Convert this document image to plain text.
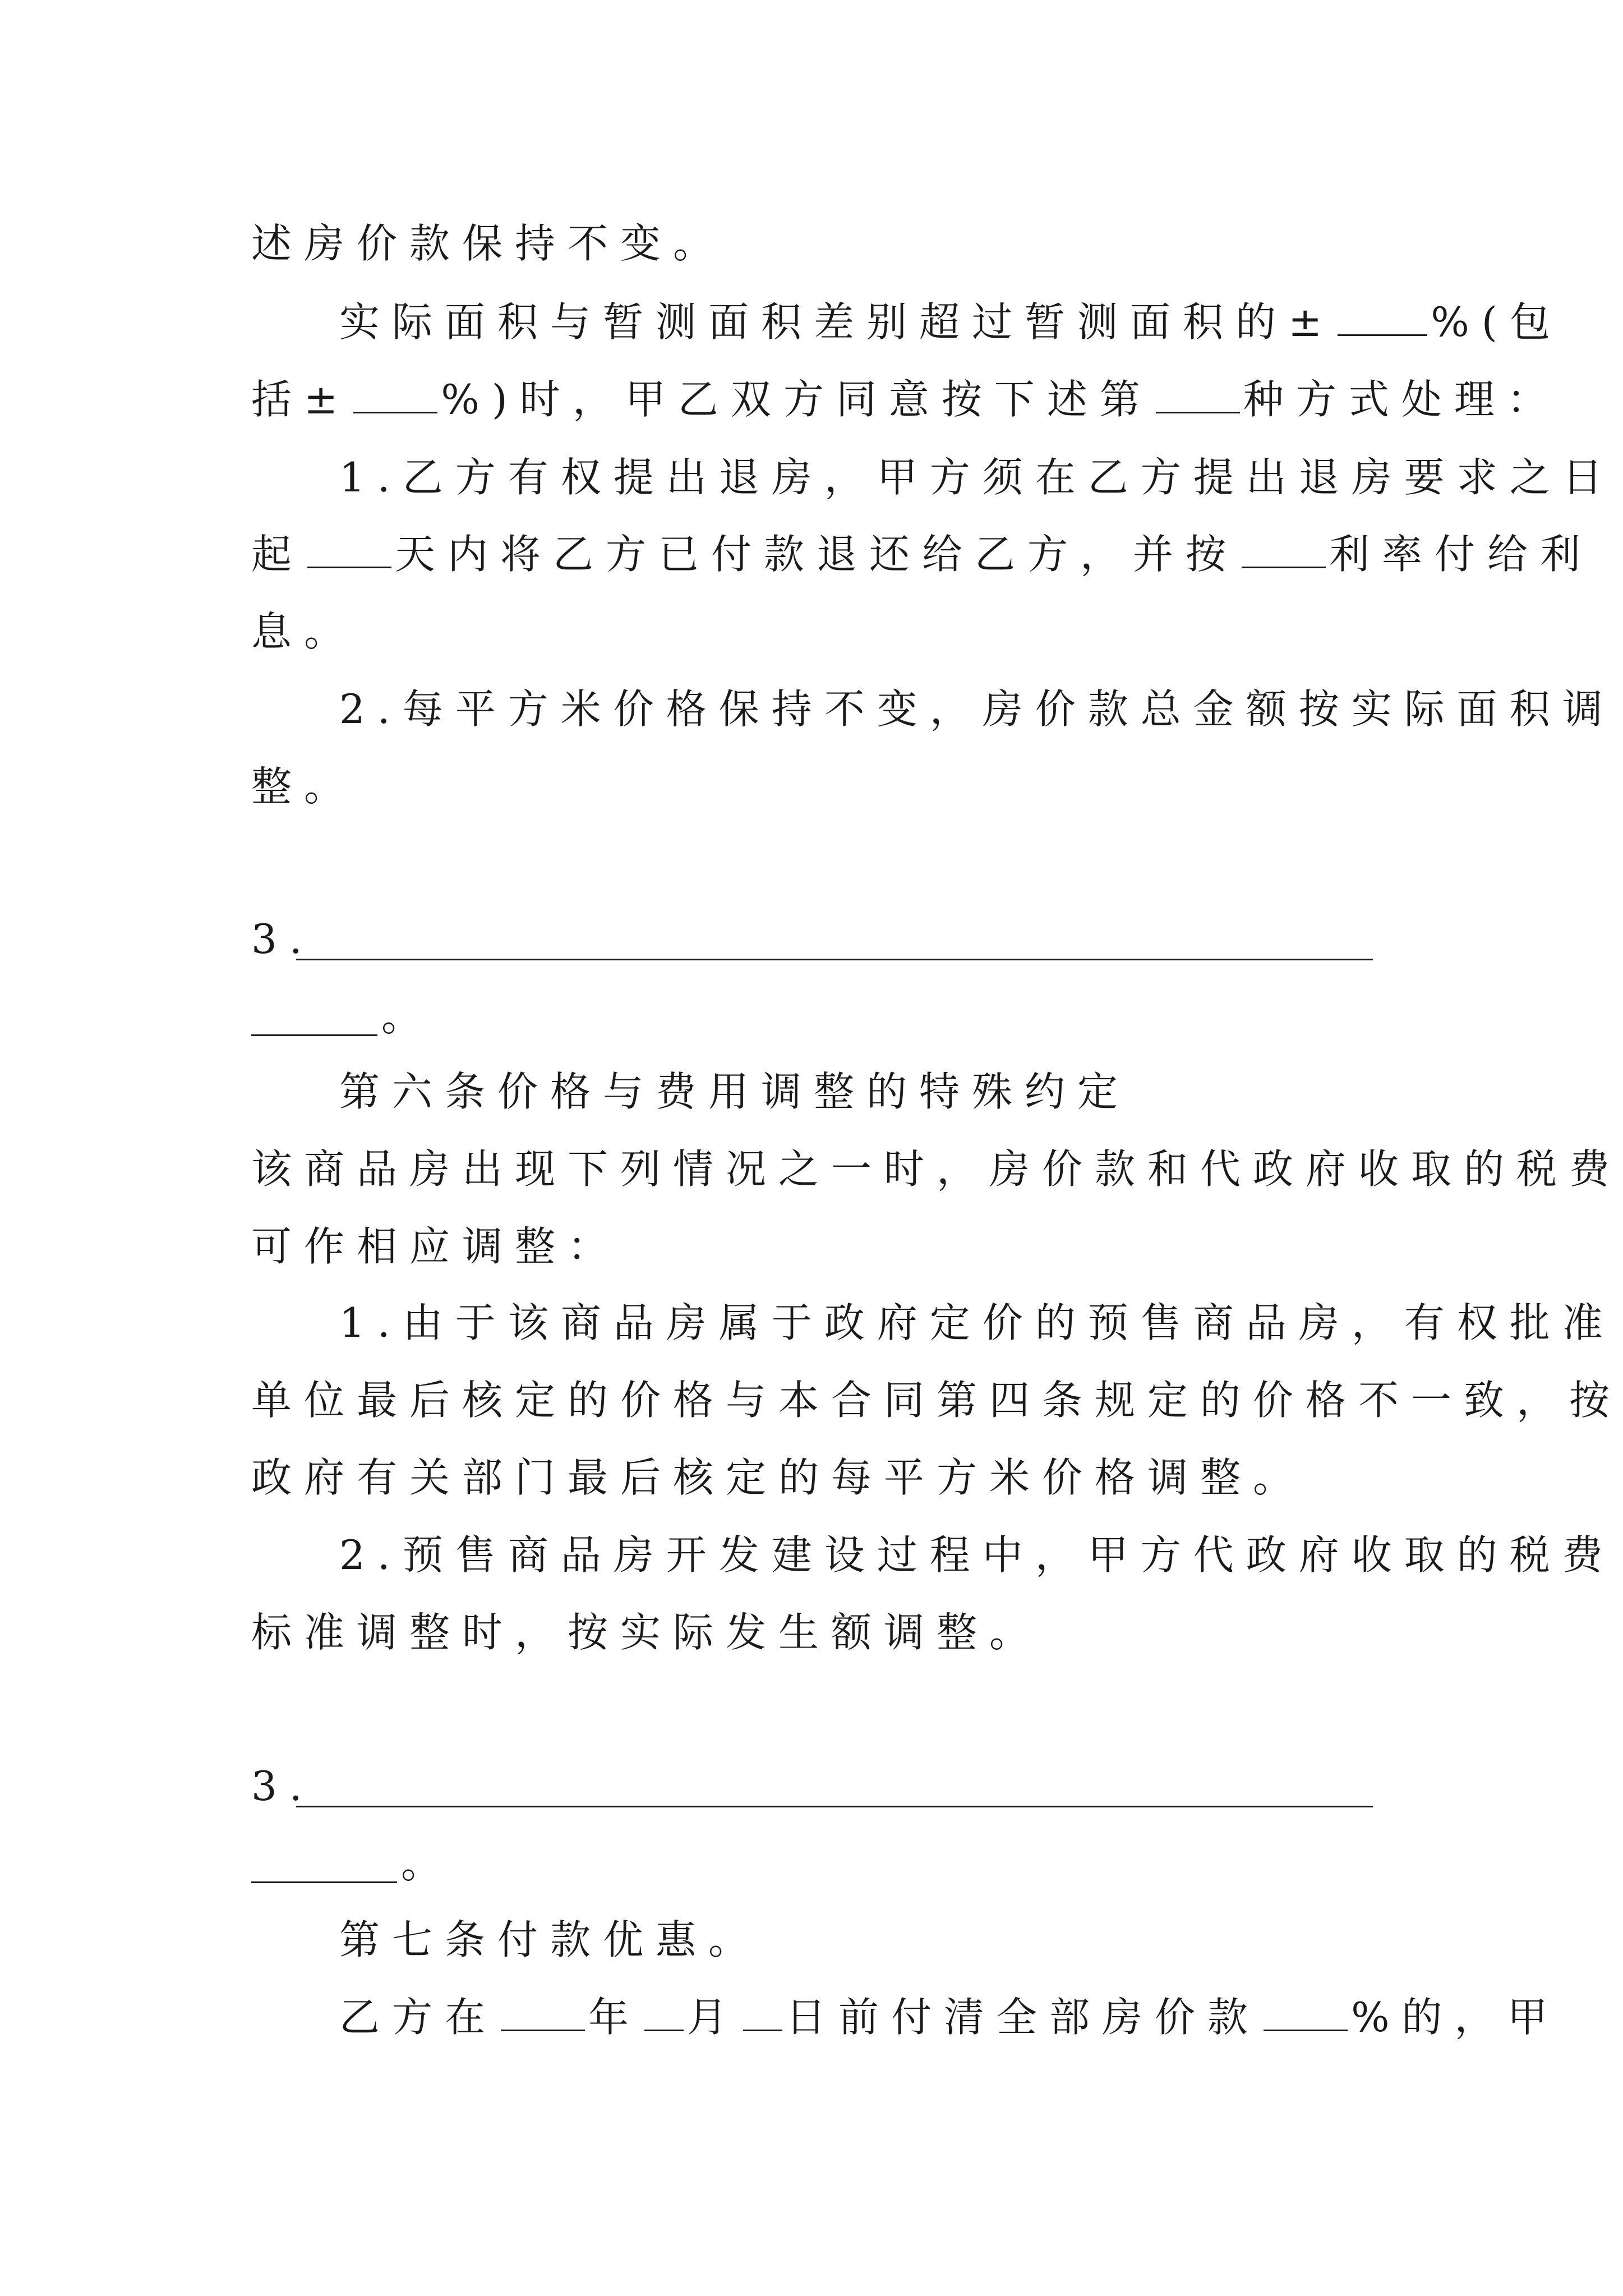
述房价款保持不变。
实际面积与暂测面积差别超过暂测面积的± %(包
括± %)时，甲乙双方同意按下述第 种方式处理：
1.乙方有权提出退房，甲方须在乙方提出退房要求之日
起 天内将乙方已付款退还给乙方，并按 利率付给利
息。
2.每平方米价格保持不变，房价款总金额按实际面积调
整。
3.
。
第六条价格与费用调整的特殊约定
该商品房出现下列情况之一时，房价款和代政府收取的税费
可作相应调整：
1.由于该商品房属于政府定价的预售商品房，有权批准
单位最后核定的价格与本合同第四条规定的价格不一致，按
政府有关部门最后核定的每平方米价格调整。
2.预售商品房开发建设过程中，甲方代政府收取的税费
标准调整时，按实际发生额调整。
3.
。
第七条付款优惠。
乙方在 年 月 日前付清全部房价款 %的，甲
